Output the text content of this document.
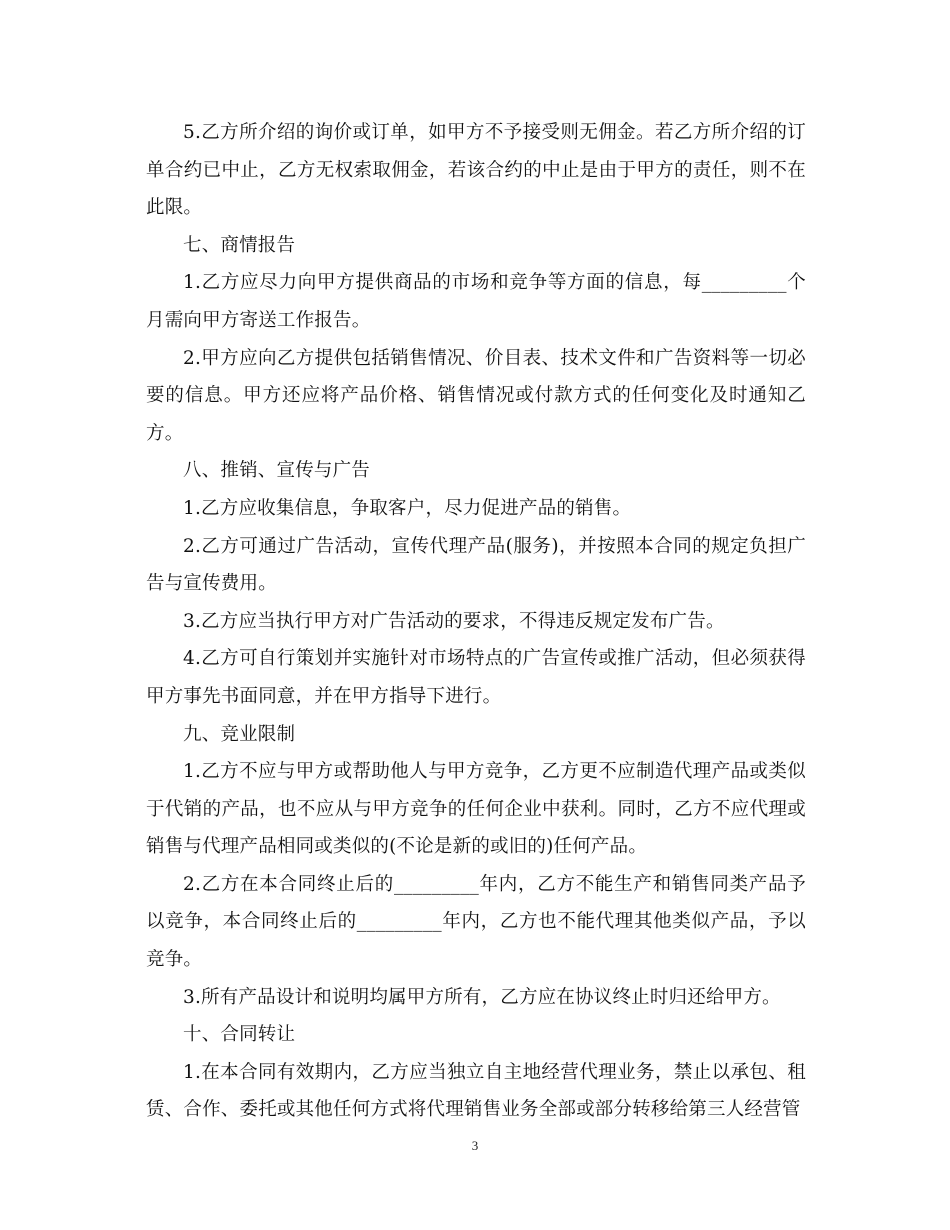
5.乙方所介绍的询价或订单，如甲方不予接受则无佣金。若乙方所介绍的订单合约已中止，乙方无权索取佣金，若该合约的中止是由于甲方的责任，则不在此限。

七、商情报告

1.乙方应尽力向甲方提供商品的市场和竞争等方面的信息，每_________个月需向甲方寄送工作报告。

2.甲方应向乙方提供包括销售情况、价目表、技术文件和广告资料等一切必要的信息。甲方还应将产品价格、销售情况或付款方式的任何变化及时通知乙方。

八、推销、宣传与广告

1.乙方应收集信息，争取客户，尽力促进产品的销售。

2.乙方可通过广告活动，宣传代理产品(服务)，并按照本合同的规定负担广告与宣传费用。

3.乙方应当执行甲方对广告活动的要求，不得违反规定发布广告。

4.乙方可自行策划并实施针对市场特点的广告宣传或推广活动，但必须获得甲方事先书面同意，并在甲方指导下进行。

九、竞业限制

1.乙方不应与甲方或帮助他人与甲方竞争，乙方更不应制造代理产品或类似于代销的产品，也不应从与甲方竞争的任何企业中获利。同时，乙方不应代理或销售与代理产品相同或类似的(不论是新的或旧的)任何产品。

2.乙方在本合同终止后的_________年内，乙方不能生产和销售同类产品予以竞争，本合同终止后的_________年内，乙方也不能代理其他类似产品，予以竞争。

3.所有产品设计和说明均属甲方所有，乙方应在协议终止时归还给甲方。

十、合同转让

1.在本合同有效期内，乙方应当独立自主地经营代理业务，禁止以承包、租赁、合作、委托或其他任何方式将代理销售业务全部或部分转移给第三人经营管

3
